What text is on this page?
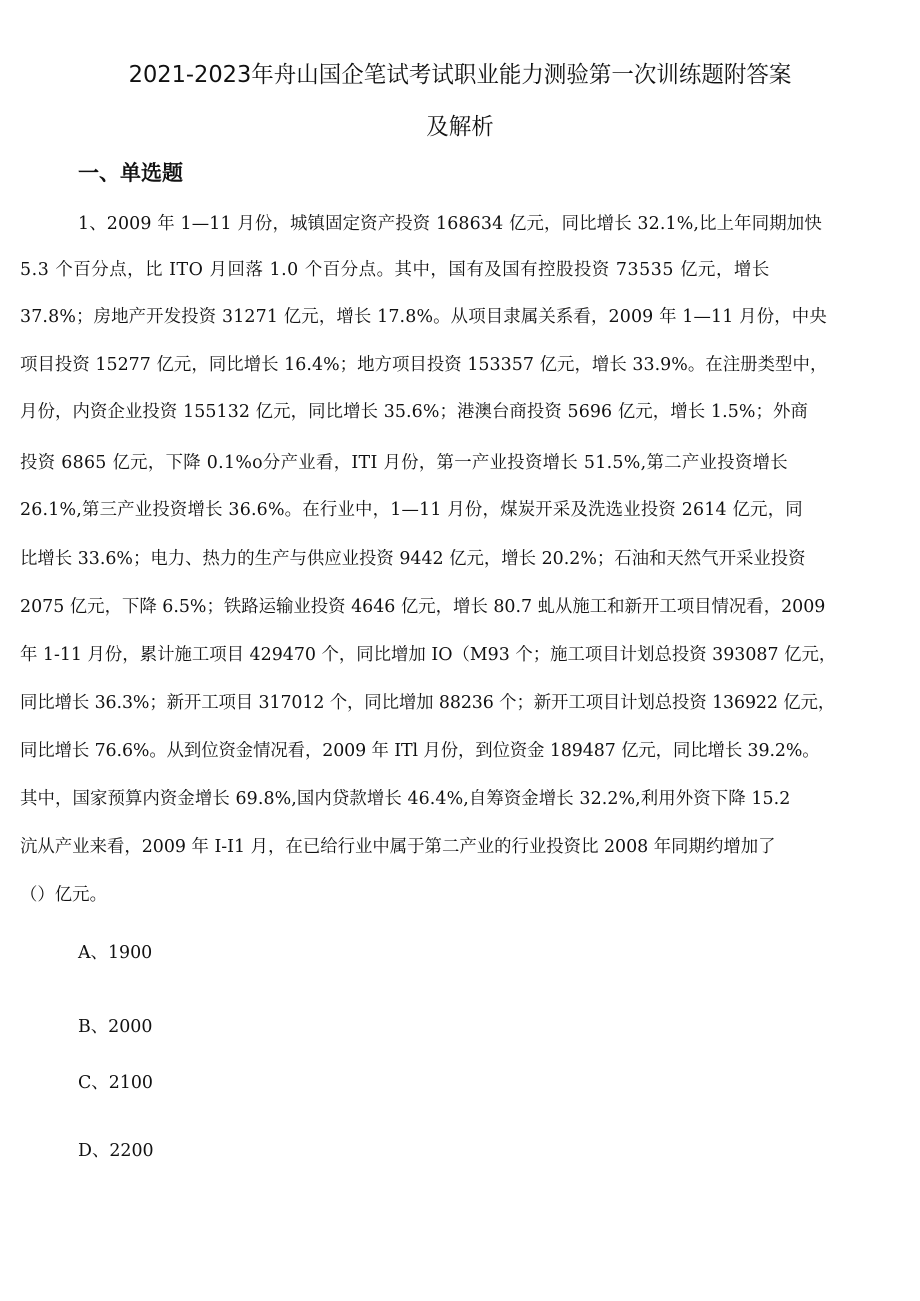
2021-2023年舟山国企笔试考试职业能力测验第一次训练题附答案
及解析
一、单选题
1、2009 年 1—11 月份，城镇固定资产投资 168634 亿元，同比增长 32.1%,比上年同期加快
5.3 个百分点，比 ITO 月回落 1.0 个百分点。其中，国有及国有控股投资 73535 亿元，增长
37.8%；房地产开发投资 31271 亿元，增长 17.8%。从项目隶属关系看，2009 年 1—11 月份，中央
项目投资 15277 亿元，同比增长 16.4%；地方项目投资 153357 亿元，增长 33.9%。在注册类型中，
月份，内资企业投资 155132 亿元，同比增长 35.6%；港澳台商投资 5696 亿元，增长 1.5%；外商
投资 6865 亿元，下降 0.1%o分产业看，ITI 月份，第一产业投资增长 51.5%,第二产业投资增长
26.1%,第三产业投资增长 36.6%。在行业中，1—11 月份，煤炭开采及洗选业投资 2614 亿元，同
比增长 33.6%；电力、热力的生产与供应业投资 9442 亿元，增长 20.2%；石油和天然气开采业投资
2075 亿元，下降 6.5%；铁路运输业投资 4646 亿元，增长 80.7 虬从施工和新开工项目情况看，2009
年 1-11 月份，累计施工项目 429470 个，同比增加 IO（M93 个；施工项目计划总投资 393087 亿元，
同比增长 36.3%；新开工项目 317012 个，同比增加 88236 个；新开工项目计划总投资 136922 亿元，
同比增长 76.6%。从到位资金情况看，2009 年 ITl 月份，到位资金 189487 亿元，同比增长 39.2%。
其中，国家预算内资金增长 69.8%,国内贷款增长 46.4%,自筹资金增长 32.2%,利用外资下降 15.2
沆从产业来看，2009 年 I-I1 月，在已给行业中属于第二产业的行业投资比 2008 年同期约增加了
（）亿元。
A、1900
B、2000
C、2100
D、2200
